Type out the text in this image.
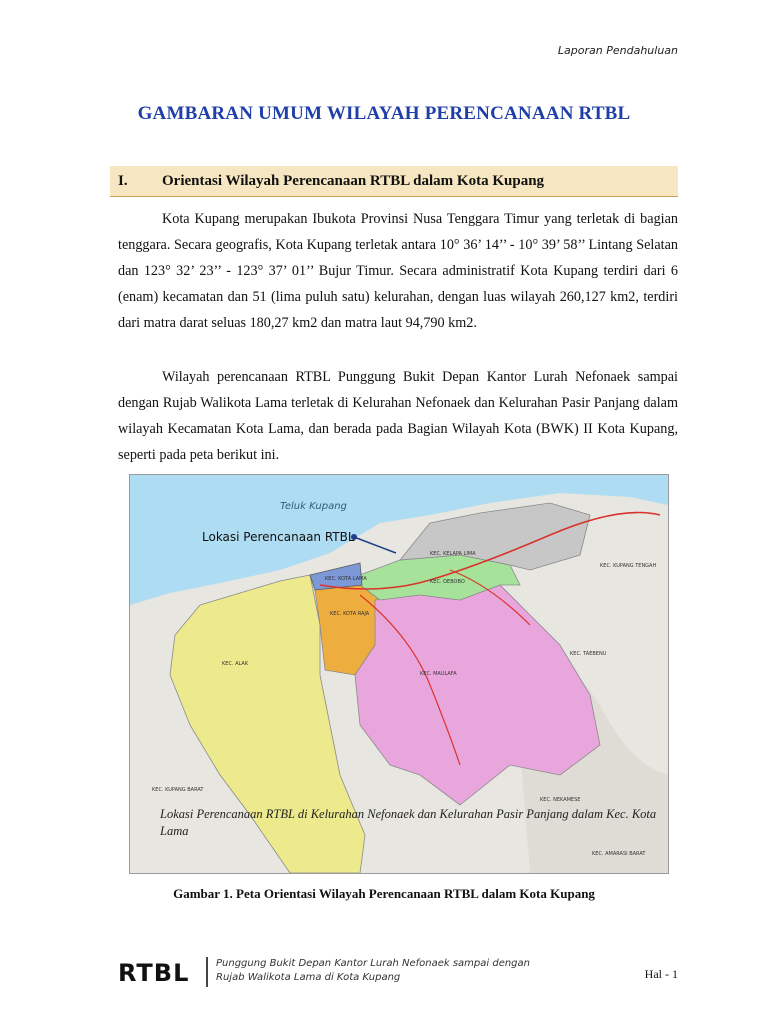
Laporan Pendahuluan
GAMBARAN UMUM WILAYAH PERENCANAAN RTBL
I.	Orientasi Wilayah Perencanaan RTBL dalam Kota Kupang

Kota Kupang merupakan Ibukota Provinsi Nusa Tenggara Timur yang terletak di bagian tenggara. Secara geografis, Kota Kupang terletak antara 10° 36’ 14’’ - 10° 39’ 58’’ Lintang Selatan dan 123° 32’ 23’’ - 123° 37’ 01’’ Bujur Timur. Secara administratif Kota Kupang terdiri dari 6 (enam) kecamatan dan 51 (lima puluh satu) kelurahan, dengan luas wilayah 260,127 km2, terdiri dari matra darat seluas 180,27 km2 dan matra laut 94,790 km2.

Wilayah perencanaan RTBL Punggung Bukit Depan Kantor Lurah Nefonaek sampai dengan Rujab Walikota Lama terletak di Kelurahan Nefonaek dan Kelurahan Pasir Panjang dalam wilayah Kecamatan Kota Lama, dan berada pada Bagian Wilayah Kota (BWK) II Kota Kupang, seperti pada peta berikut ini.

Teluk Kupang
Lokasi Perencanaan RTBL
KEC. KELAPA LIMA
KEC. KOTA LAMA	KEC. OEBOBO
KEC. KOTA RAJA
KEC. ALAK
KEC. MAULAFA
KEC. KUPANG TENGAH
KEC. TAEBENU
KEC. KUPANG BARAT
KEC. NEKAMESE
KEC. AMARASI BARAT
Lokasi Perencanaan RTBL di Kelurahan Nefonaek dan Kelurahan Pasir Panjang dalam Kec. Kota Lama
Gambar 1. Peta Orientasi Wilayah Perencanaan RTBL dalam Kota Kupang
RTBL	Punggung Bukit Depan Kantor Lurah Nefonaek sampai dengan
Rujab Walikota Lama di Kota Kupang	Hal - 1
